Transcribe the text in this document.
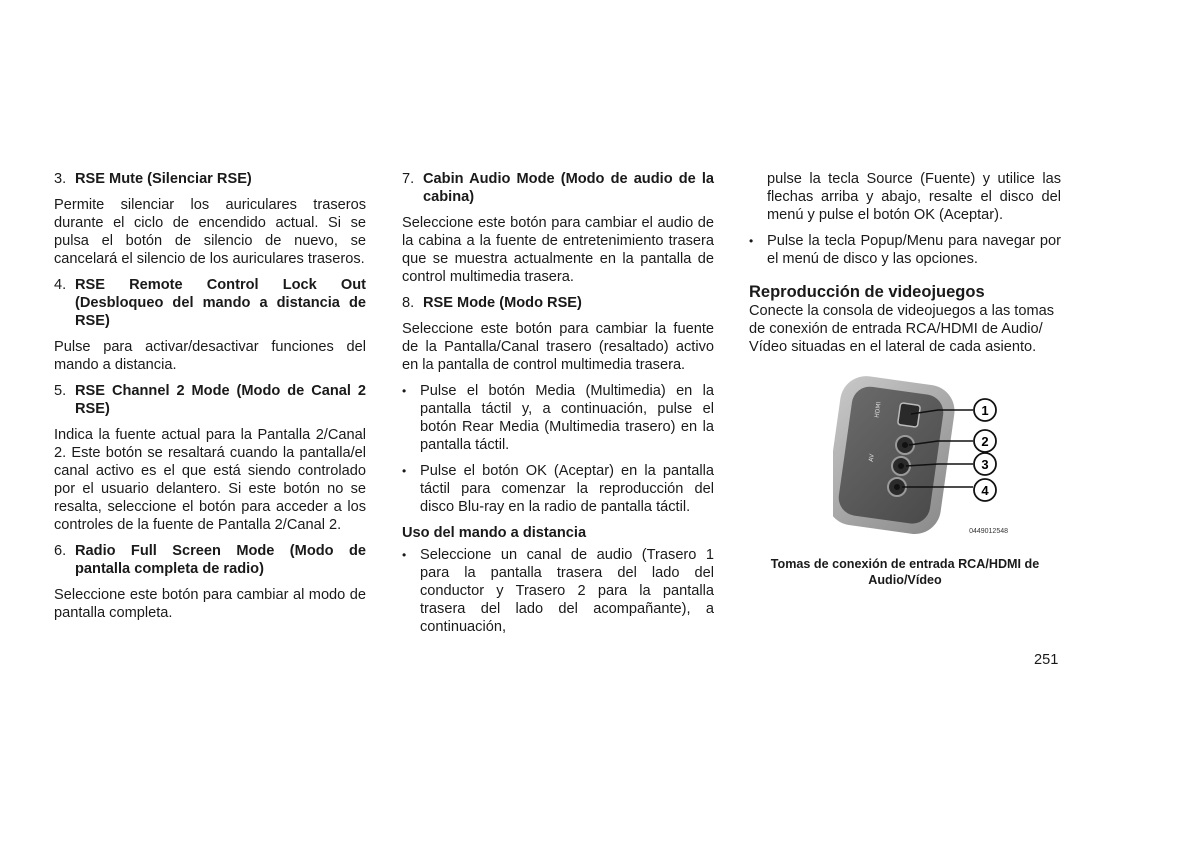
3. RSE Mute (Silenciar RSE)

Permite silenciar los auriculares traseros durante el ciclo de encendido actual. Si se pulsa el botón de silencio de nuevo, se cancelará el silencio de los auriculares traseros.

4. RSE Remote Control Lock Out (Desbloqueo del mando a distancia de RSE)

Pulse para activar/desactivar funciones del mando a distancia.

5. RSE Channel 2 Mode (Modo de Canal 2 RSE)

Indica la fuente actual para la Pantalla 2/Canal 2. Este botón se resaltará cuando la pantalla/el canal activo es el que está siendo controlado por el usuario delantero. Si este botón no se resalta, seleccione el botón para acceder a los controles de la fuente de Pantalla 2/Canal 2.

6. Radio Full Screen Mode (Modo de pantalla completa de radio)

Seleccione este botón para cambiar al modo de pantalla completa.

7. Cabin Audio Mode (Modo de audio de la cabina)

Seleccione este botón para cambiar el audio de la cabina a la fuente de entretenimiento trasera que se muestra actualmente en la pantalla de control multimedia trasera.

8. RSE Mode (Modo RSE)

Seleccione este botón para cambiar la fuente de la Pantalla/Canal trasero (resaltado) activo en la pantalla de control multimedia trasera.

• Pulse el botón Media (Multimedia) en la pantalla táctil y, a continuación, pulse el botón Rear Media (Multimedia trasero) en la pantalla táctil.
• Pulse el botón OK (Aceptar) en la pantalla táctil para comenzar la reproducción del disco Blu-ray en la radio de pantalla táctil.
Uso del mando a distancia
• Seleccione un canal de audio (Trasero 1 para la pantalla trasera del lado del conductor y Trasero 2 para la pantalla trasera del lado del acompañante), a continuación,
pulse la tecla Source (Fuente) y utilice las flechas arriba y abajo, resalte el disco del menú y pulse el botón OK (Aceptar).
• Pulse la tecla Popup/Menu para navegar por el menú de disco y las opciones.
Reproducción de videojuegos

Conecte la consola de videojuegos a las tomas de conexión de entrada RCA/HDMI de Audio/ Vídeo situadas en el lateral de cada asiento.

HDMI
AV
1
2
3
4
0449012548
Tomas de conexión de entrada RCA/HDMI de
Audio/Vídeo
251
